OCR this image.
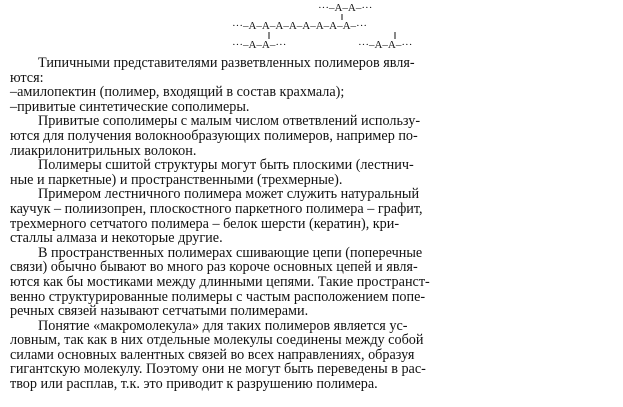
···–A–A–···
···–A–A–A–A–A–A–A–A–···
···–A–A–···	···–A–A–···

Типичными представителями разветвленных полимеров явля-
ются:

–амилопектин (полимер, входящий в состав крахмала);

–привитые синтетические сополимеры.

Привитые сополимеры с малым числом ответвлений использу-
ются для получения волокнообразующих полимеров, например по-
лиакрилонитрильных волокон.

Полимеры сшитой структуры могут быть плоскими (лестнич-
ные и паркетные) и пространственными (трехмерные).

Примером лестничного полимера может служить натуральный
каучук – полиизопрен, плоскостного паркетного полимера – графит,
трехмерного сетчатого полимера – белок шерсти (кератин), кри-
сталлы алмаза и некоторые другие.

В пространственных полимерах сшивающие цепи (поперечные
связи) обычно бывают во много раз короче основных цепей и явля-
ются как бы мостиками между длинными цепями. Такие пространст-
венно структурированные полимеры с частым расположением попе-
речных связей называют сетчатыми полимерами.

Понятие «макромолекула» для таких полимеров является ус-
ловным, так как в них отдельные молекулы соединены между собой
силами основных валентных связей во всех направлениях, образуя
гигантскую молекулу. Поэтому они не могут быть переведены в рас-
твор или расплав, т.к. это приводит к разрушению полимера.
